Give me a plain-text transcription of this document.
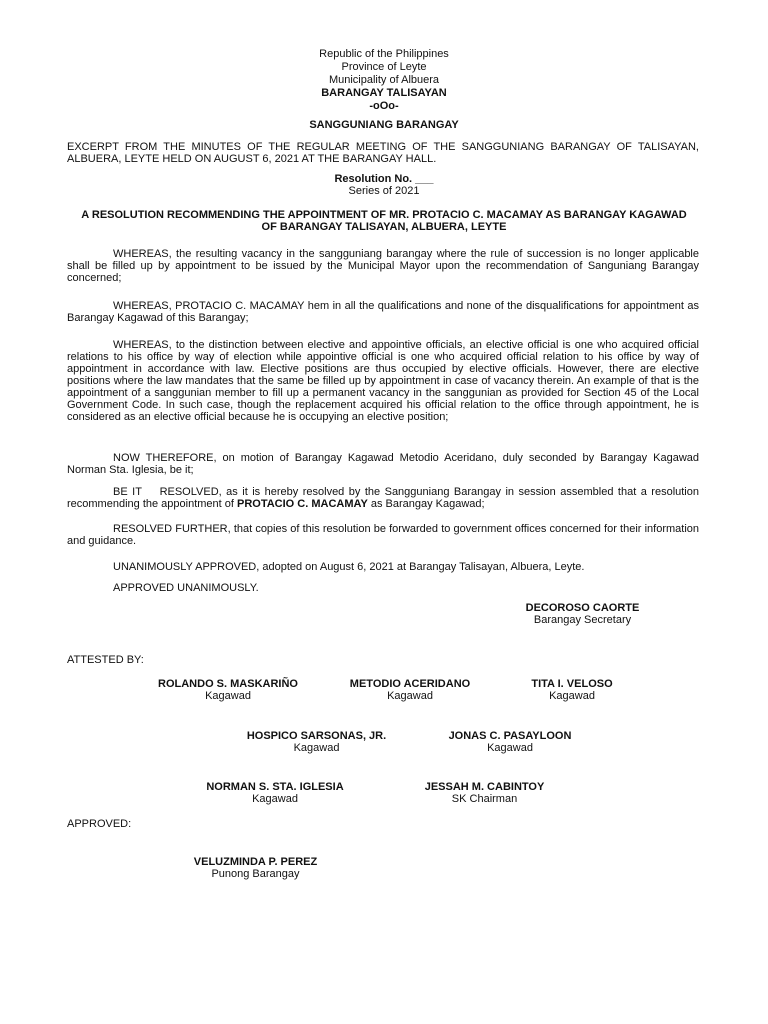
Republic of the Philippines
Province of Leyte
Municipality of Albuera
BARANGAY TALISAYAN
-oOo-
SANGGUNIANG BARANGAY
EXCERPT FROM THE MINUTES OF THE REGULAR MEETING OF THE SANGGUNIANG BARANGAY OF TALISAYAN, ALBUERA, LEYTE HELD ON AUGUST 6, 2021 AT THE BARANGAY HALL.
Resolution No. ___
Series of 2021
A RESOLUTION RECOMMENDING THE APPOINTMENT OF MR. PROTACIO C. MACAMAY AS BARANGAY KAGAWAD OF BARANGAY TALISAYAN, ALBUERA, LEYTE
WHEREAS, the resulting vacancy in the sangguniang barangay where the rule of succession is no longer applicable shall be filled up by appointment to be issued by the Municipal Mayor upon the recommendation of Sanguniang Barangay concerned;
WHEREAS, PROTACIO C. MACAMAY hem in all the qualifications and none of the disqualifications for appointment as Barangay Kagawad of this Barangay;
WHEREAS, to the distinction between elective and appointive officials, an elective official is one who acquired official relations to his office by way of election while appointive official is one who acquired official relation to his office by way of appointment in accordance with law. Elective positions are thus occupied by elective officials. However, there are elective positions where the law mandates that the same be filled up by appointment in case of vacancy therein. An example of that is the appointment of a sanggunian member to fill up a permanent vacancy in the sanggunian as provided for Section 45 of the Local Government Code. In such case, though the replacement acquired his official relation to the office through appointment, he is considered as an elective official because he is occupying an elective position;
NOW THEREFORE, on motion of Barangay Kagawad Metodio Aceridano, duly seconded by Barangay Kagawad Norman Sta. Iglesia, be it;
BE IT    RESOLVED, as it is hereby resolved by the Sangguniang Barangay in session assembled that a resolution recommending the appointment of PROTACIO C. MACAMAY as Barangay Kagawad;
RESOLVED FURTHER, that copies of this resolution be forwarded to government offices concerned for their information and guidance.
UNANIMOUSLY APPROVED, adopted on August 6, 2021 at Barangay Talisayan, Albuera, Leyte.
APPROVED UNANIMOUSLY.
DECOROSO CAORTE
Barangay Secretary
ATTESTED BY:
ROLANDO S. MASKARIÑO
Kagawad
METODIO ACERIDANO
Kagawad
TITA I. VELOSO
Kagawad
HOSPICO SARSONAS, JR.
Kagawad
JONAS C. PASAYLOON
Kagawad
NORMAN S. STA. IGLESIA
Kagawad
JESSAH M. CABINTOY
SK Chairman
APPROVED:
VELUZMINDA P. PEREZ
Punong Barangay
